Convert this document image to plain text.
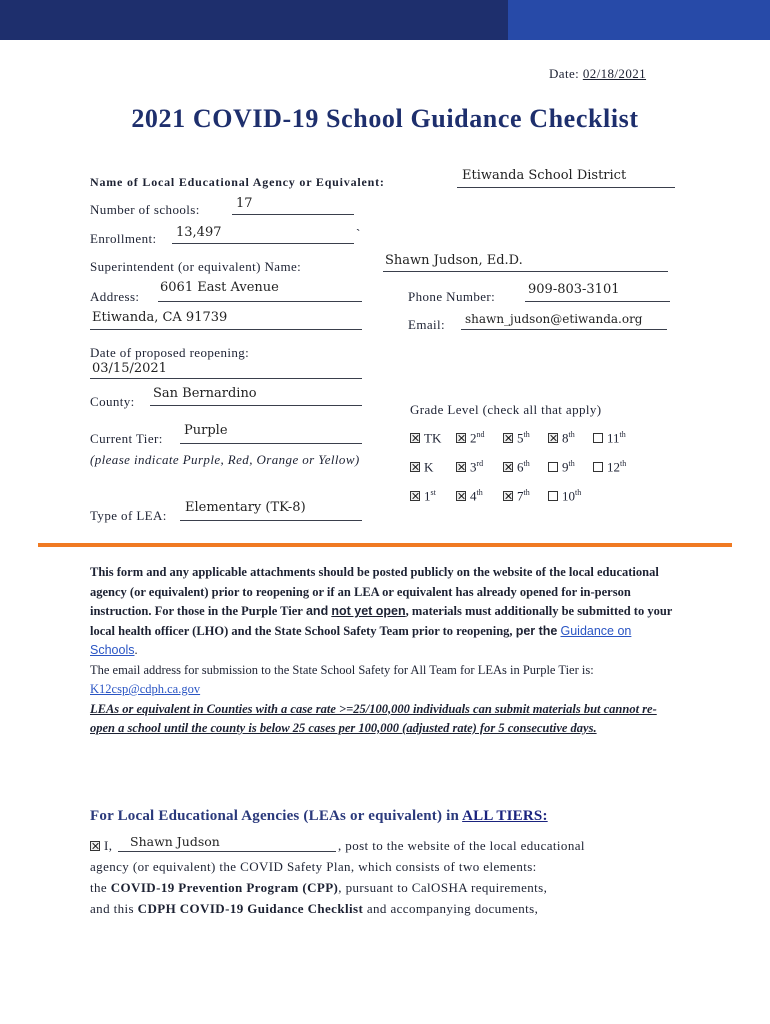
Date: 02/18/2021
2021 COVID-19 School Guidance Checklist
Name of Local Educational Agency or Equivalent:	Etiwanda School District
Number of schools:	17
Enrollment: 13,497	`
Superintendent (or equivalent) Name:	Shawn Judson, Ed.D.
Address:
6061 East Avenue
Phone Number:	909-803-3101
Etiwanda, CA 91739	Email: shawn_judson@etiwanda.org
Date of proposed reopening:
03/15/2021
County:
San Bernardino
Grade Level (check all that apply)
Current Tier:
Purple
(please indicate Purple, Red, Orange or Yellow)
Type of LEA:
Elementary (TK-8)
TK	2nd	5th	8th	11th
K	3rd	6th	9th	12th
1st	4th	7th	10th
This form and any applicable attachments should be posted publicly on the website of the local educational agency (or equivalent) prior to reopening or if an LEA or equivalent has already opened for in-person instruction. For those in the Purple Tier and not yet open, materials must additionally be submitted to your local health officer (LHO) and the State School Safety Team prior to reopening, per the Guidance on Schools.
The email address for submission to the State School Safety for All Team for LEAs in Purple Tier is:
K12csp@cdph.ca.gov
LEAs or equivalent in Counties with a case rate >=25/100,000 individuals can submit materials but cannot re-open a school until the county is below 25 cases per 100,000 (adjusted rate) for 5 consecutive days.
For Local Educational Agencies (LEAs or equivalent) in ALL TIERS:
I, Shawn Judson	, post to the website of the local educational
agency (or equivalent) the COVID Safety Plan, which consists of two elements:
the COVID-19 Prevention Program (CPP), pursuant to CalOSHA requirements,
and this CDPH COVID-19 Guidance Checklist and accompanying documents,
